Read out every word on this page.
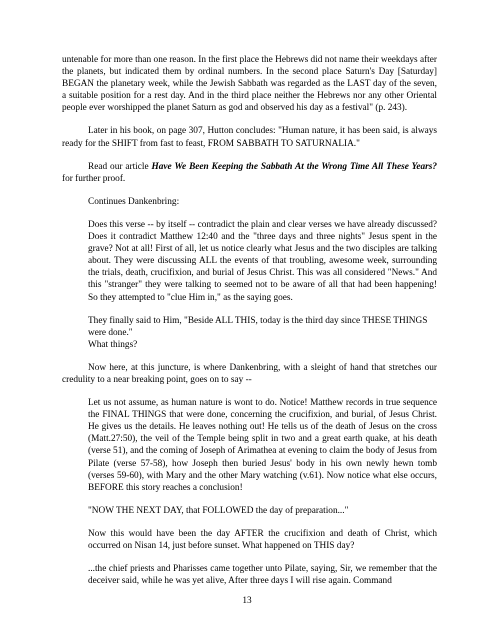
untenable for more than one reason. In the first place the Hebrews did not name their weekdays after the planets, but indicated them by ordinal numbers. In the second place Saturn's Day [Saturday] BEGAN the planetary week, while the Jewish Sabbath was regarded as the LAST day of the seven, a suitable position for a rest day. And in the third place neither the Hebrews nor any other Oriental people ever worshipped the planet Saturn as god and observed his day as a festival" (p. 243).

Later in his book, on page 307, Hutton concludes: "Human nature, it has been said, is always ready for the SHIFT from fast to feast, FROM SABBATH TO SATURNALIA."

Read our article Have We Been Keeping the Sabbath At the Wrong Time All These Years? for further proof.

Continues Dankenbring:

Does this verse -- by itself -- contradict the plain and clear verses we have already discussed? Does it contradict Matthew 12:40 and the "three days and three nights" Jesus spent in the grave? Not at all! First of all, let us notice clearly what Jesus and the two disciples are talking about. They were discussing ALL the events of that troubling, awesome week, surrounding the trials, death, crucifixion, and burial of Jesus Christ. This was all considered "News." And this "stranger" they were talking to seemed not to be aware of all that had been happening! So they attempted to "clue Him in," as the saying goes.

They finally said to Him, "Beside ALL THIS, today is the third day since THESE THINGS were done."
What things?

Now here, at this juncture, is where Dankenbring, with a sleight of hand that stretches our credulity to a near breaking point, goes on to say --

Let us not assume, as human nature is wont to do. Notice! Matthew records in true sequence the FINAL THINGS that were done, concerning the crucifixion, and burial, of Jesus Christ. He gives us the details. He leaves nothing out! He tells us of the death of Jesus on the cross (Matt.27:50), the veil of the Temple being split in two and a great earth quake, at his death (verse 51), and the coming of Joseph of Arimathea at evening to claim the body of Jesus from Pilate (verse 57-58), how Joseph then buried Jesus' body in his own newly hewn tomb (verses 59-60), with Mary and the other Mary watching (v.61). Now notice what else occurs, BEFORE this story reaches a conclusion!

"NOW THE NEXT DAY, that FOLLOWED the day of preparation..."

Now this would have been the day AFTER the crucifixion and death of Christ, which occurred on Nisan 14, just before sunset. What happened on THIS day?

...the chief priests and Pharisses came together unto Pilate, saying, Sir, we remember that the deceiver said, while he was yet alive, After three days I will rise again. Command

13
